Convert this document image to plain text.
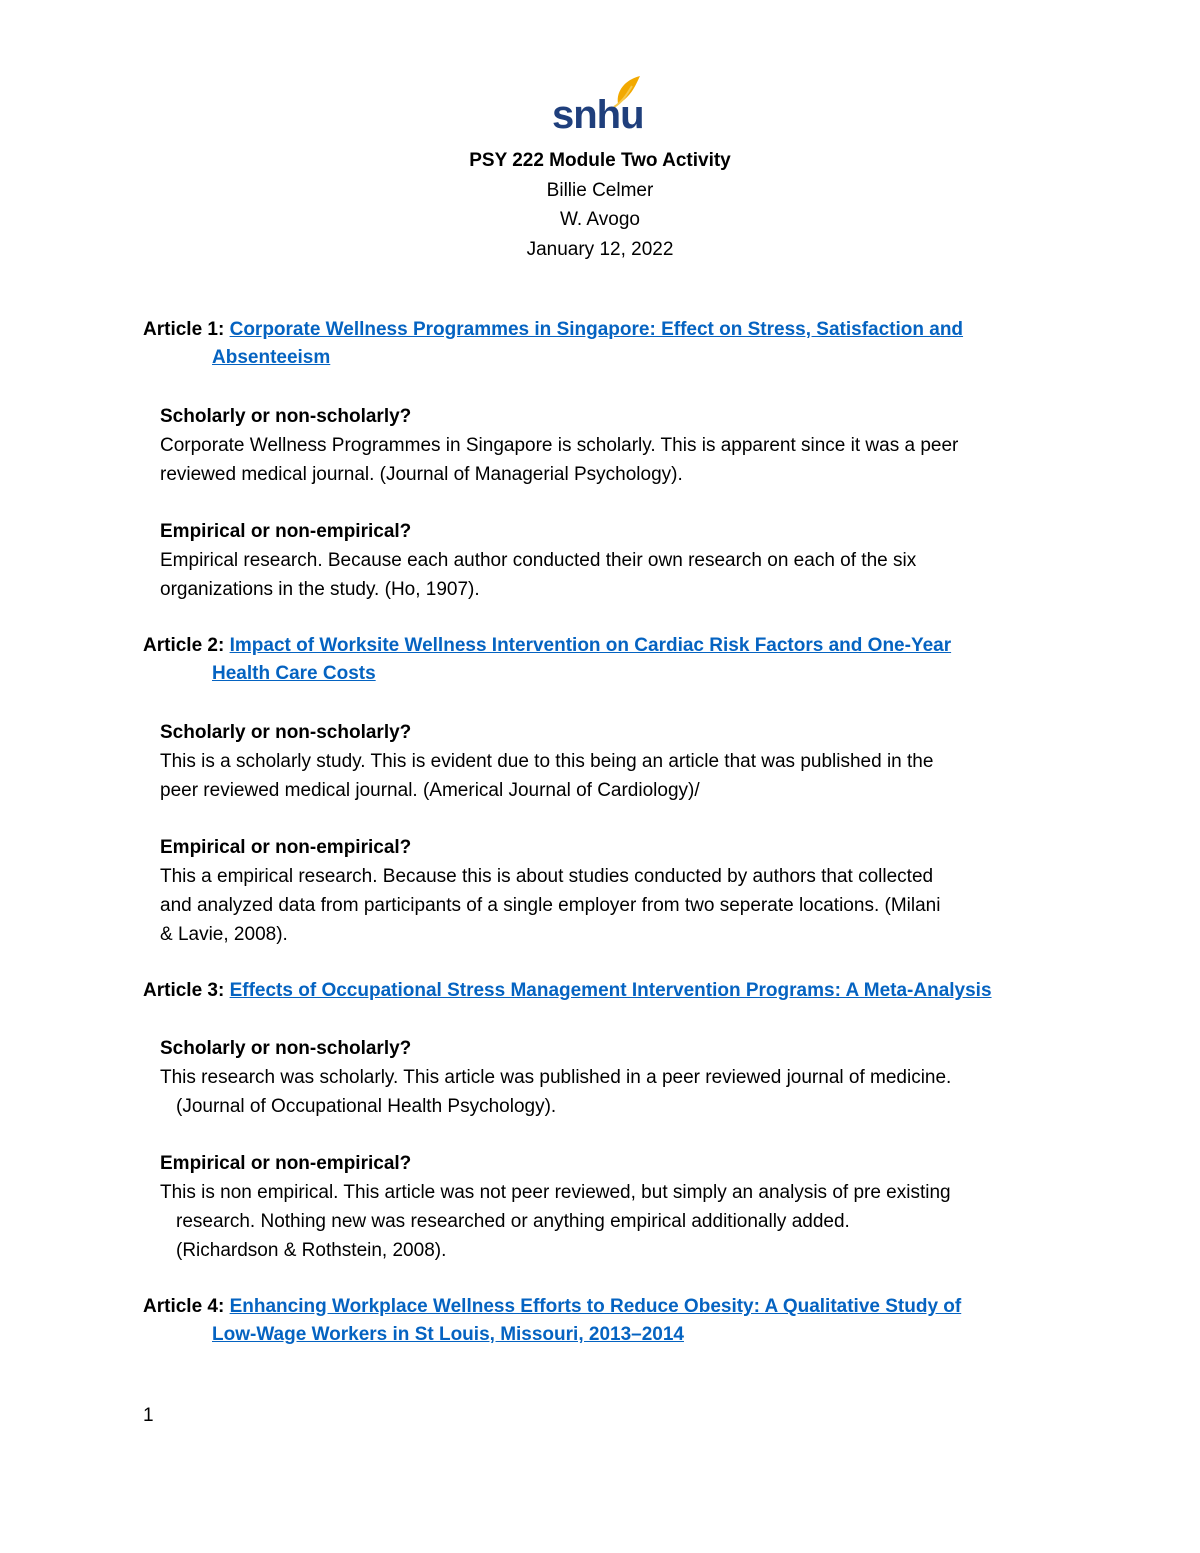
snhu
PSY 222 Module Two Activity
Billie Celmer
W. Avogo
January 12, 2022
Article 1: Corporate Wellness Programmes in Singapore: Effect on Stress, Satisfaction and
Absenteeism
Scholarly or non-scholarly?
Corporate Wellness Programmes in Singapore is scholarly. This is apparent since it was a peer
reviewed medical journal. (Journal of Managerial Psychology).
Empirical or non-empirical?
Empirical research. Because each author conducted their own research on each of the six
organizations in the study. (Ho, 1907).
Article 2: Impact of Worksite Wellness Intervention on Cardiac Risk Factors and One-Year
Health Care Costs
Scholarly or non-scholarly?
This is a scholarly study. This is evident due to this being an article that was published in the
peer reviewed medical journal. (Americal Journal of Cardiology)/
Empirical or non-empirical?
This a empirical research. Because this is about studies conducted by authors that collected
and analyzed data from participants of a single employer from two seperate locations. (Milani
& Lavie, 2008).
Article 3: Effects of Occupational Stress Management Intervention Programs: A Meta-Analysis
Scholarly or non-scholarly?
This research was scholarly. This article was published in a peer reviewed journal of medicine.
(Journal of Occupational Health Psychology).
Empirical or non-empirical?
This is non empirical. This article was not peer reviewed, but simply an analysis of pre existing
research. Nothing new was researched or anything empirical additionally added.
(Richardson & Rothstein, 2008).
Article 4: Enhancing Workplace Wellness Efforts to Reduce Obesity: A Qualitative Study of
Low-Wage Workers in St Louis, Missouri, 2013–2014
1
